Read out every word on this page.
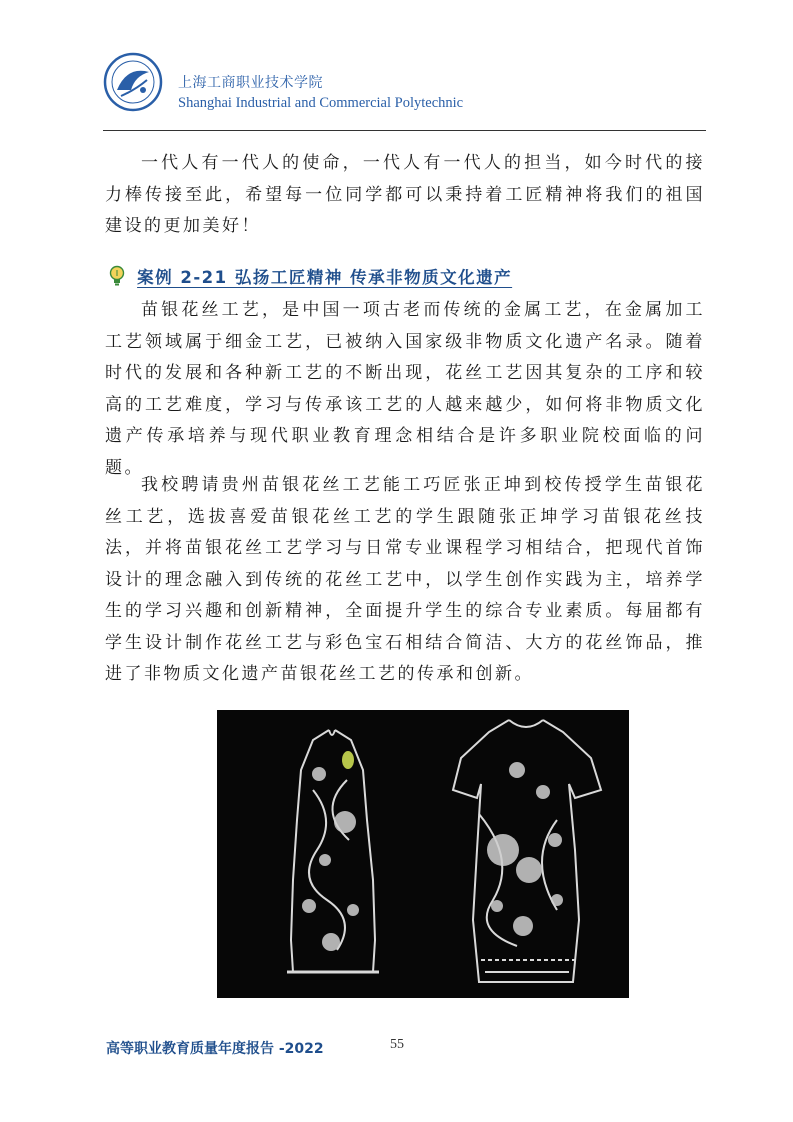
上海工商职业技术学院
Shanghai Industrial and Commercial Polytechnic

一代人有一代人的使命，一代人有一代人的担当，如今时代的接力棒传接至此，希望每一位同学都可以秉持着工匠精神将我们的祖国建设的更加美好！

案例 2-21 弘扬工匠精神 传承非物质文化遗产

苗银花丝工艺，是中国一项古老而传统的金属工艺，在金属加工工艺领域属于细金工艺，已被纳入国家级非物质文化遗产名录。随着时代的发展和各种新工艺的不断出现，花丝工艺因其复杂的工序和较高的工艺难度，学习与传承该工艺的人越来越少，如何将非物质文化遗产传承培养与现代职业教育理念相结合是许多职业院校面临的问题。

我校聘请贵州苗银花丝工艺能工巧匠张正坤到校传授学生苗银花丝工艺，选拔喜爱苗银花丝工艺的学生跟随张正坤学习苗银花丝技法，并将苗银花丝工艺学习与日常专业课程学习相结合，把现代首饰设计的理念融入到传统的花丝工艺中，以学生创作实践为主，培养学生的学习兴趣和创新精神，全面提升学生的综合专业素质。每届都有学生设计制作花丝工艺与彩色宝石相结合简洁、大方的花丝饰品，推进了非物质文化遗产苗银花丝工艺的传承和创新。

高等职业教育质量年度报告 -2022	55
